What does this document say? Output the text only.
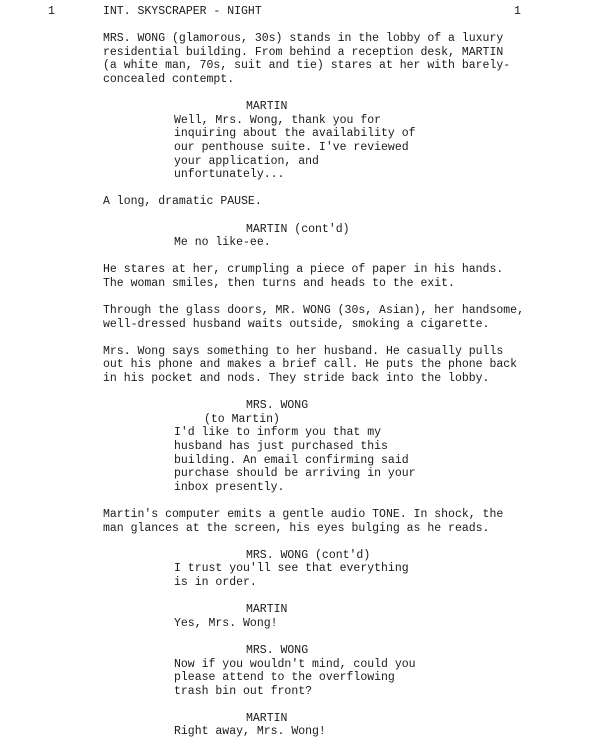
1	1
INT. SKYSCRAPER - NIGHT
MRS. WONG (glamorous, 30s) stands in the lobby of a luxury
residential building. From behind a reception desk, MARTIN
(a white man, 70s, suit and tie) stares at her with barely-
concealed contempt.
MARTIN
Well, Mrs. Wong, thank you for
inquiring about the availability of
our penthouse suite. I've reviewed
your application, and
unfortunately...
A long, dramatic PAUSE.
MARTIN (cont'd)
Me no like-ee.
He stares at her, crumpling a piece of paper in his hands.
The woman smiles, then turns and heads to the exit.
Through the glass doors, MR. WONG (30s, Asian), her handsome,
well-dressed husband waits outside, smoking a cigarette.
Mrs. Wong says something to her husband. He casually pulls
out his phone and makes a brief call. He puts the phone back
in his pocket and nods. They stride back into the lobby.
MRS. WONG
(to Martin)
I'd like to inform you that my
husband has just purchased this
building. An email confirming said
purchase should be arriving in your
inbox presently.
Martin's computer emits a gentle audio TONE. In shock, the
man glances at the screen, his eyes bulging as he reads.
MRS. WONG (cont'd)
I trust you'll see that everything
is in order.
MARTIN
Yes, Mrs. Wong!
MRS. WONG
Now if you wouldn't mind, could you
please attend to the overflowing
trash bin out front?
MARTIN
Right away, Mrs. Wong!
